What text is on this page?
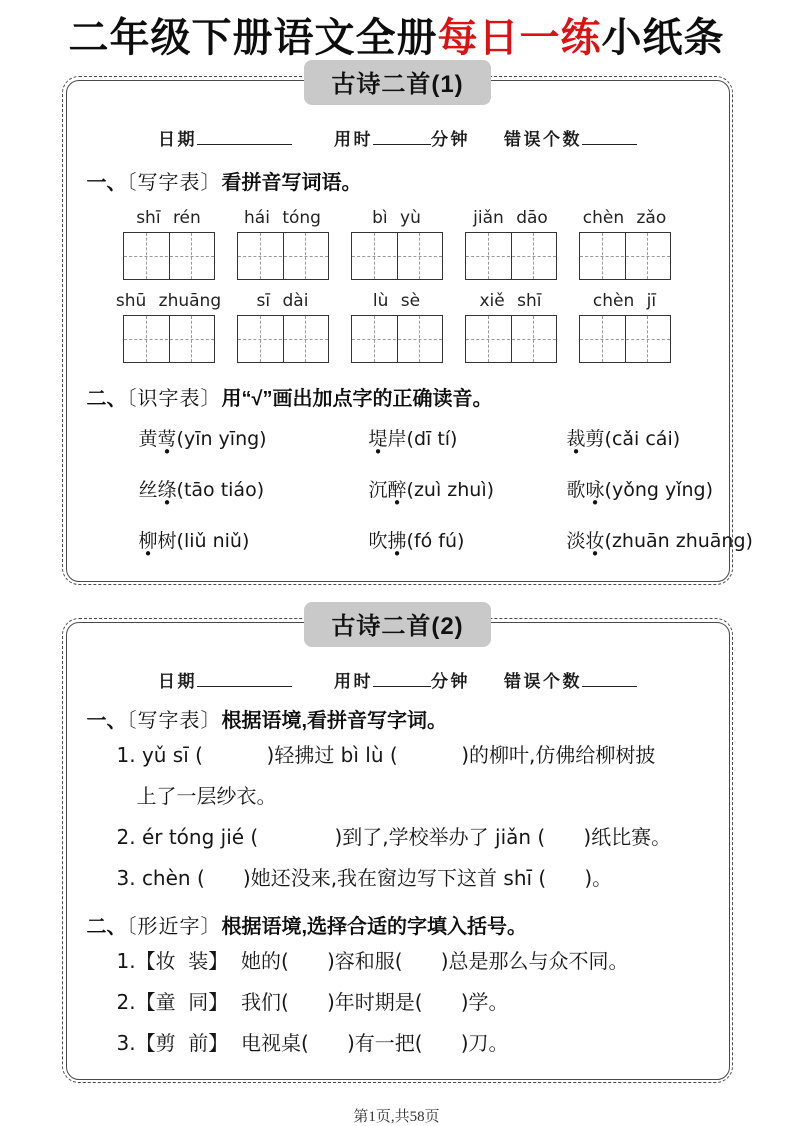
二年级下册语文全册每日一练小纸条
古诗二首(1)
日期	用时	分钟 错误个数
一、〔写字表〕看拼音写词语。
shī rén	hái tóng	bì yù	jiǎn dāo	chèn zǎo
shū zhuāng	sī dài	lù sè	xiě shī	chèn jī
二、〔识字表〕用“√”画出加点字的正确读音。
黄莺(yīn yīng)	堤岸(dī tí)	裁剪(cǎi cái)
丝绦(tāo tiáo)	沉醉(zuì zhuì)	歌咏(yǒng yǐng)
柳树(liǔ niǔ)	吹拂(fó fú)	淡妆(zhuān zhuāng)
古诗二首(2)
日期	用时	分钟 错误个数
一、〔写字表〕根据语境,看拼音写字词。
1. yǔ sī (          )轻拂过 bì lù (          )的柳叶,仿佛给柳树披
上了一层纱衣。
2. ér tóng jié (            )到了,学校举办了 jiǎn (      )纸比赛。
3. chèn (      )她还没来,我在窗边写下这首 shī (      )。
二、〔形近字〕根据语境,选择合适的字填入括号。
1.【妆  装】  她的(      )容和服(      )总是那么与众不同。
2.【童  同】  我们(      )年时期是(      )学。
3.【剪  前】  电视桌(      )有一把(      )刀。
第1页,共58页
